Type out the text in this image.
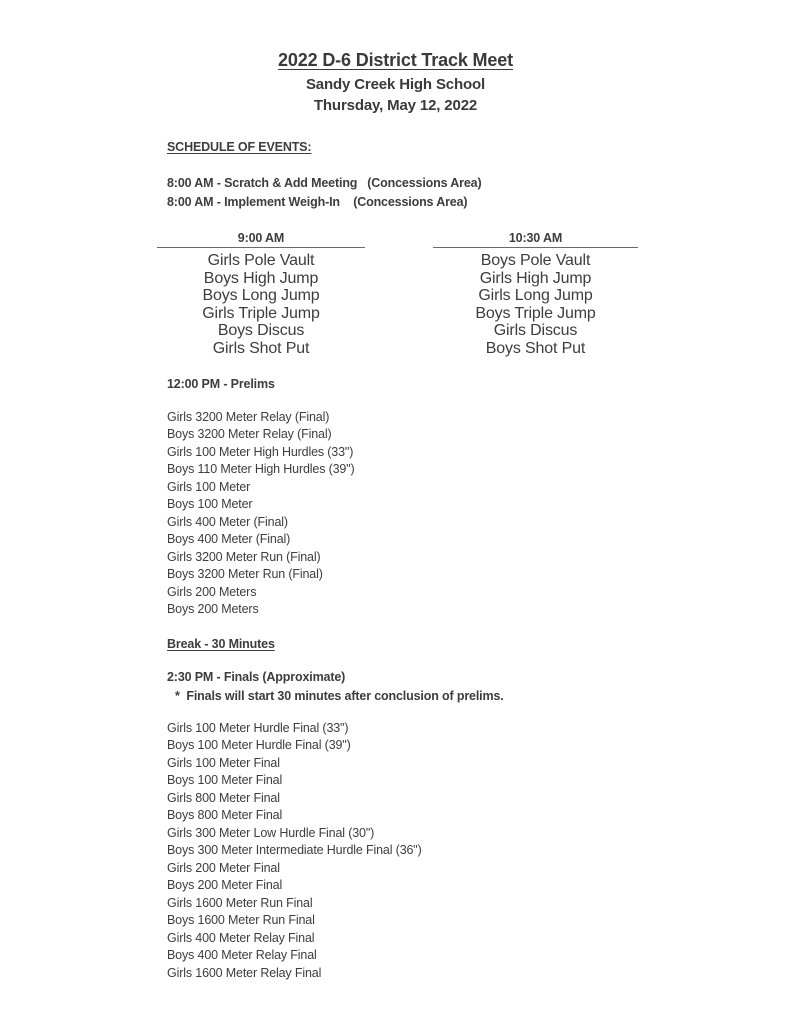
2022 D-6 District Track Meet
Sandy Creek High School
Thursday, May 12, 2022
SCHEDULE OF EVENTS:
8:00 AM - Scratch & Add Meeting   (Concessions Area)
8:00 AM - Implement Weigh-In    (Concessions Area)
9:00 AM
Girls Pole Vault
Boys High Jump
Boys Long Jump
Girls Triple Jump
Boys Discus
Girls Shot Put
10:30 AM
Boys Pole Vault
Girls High Jump
Girls Long Jump
Boys Triple Jump
Girls Discus
Boys Shot Put
12:00 PM - Prelims
Girls 3200 Meter Relay (Final)
Boys 3200 Meter Relay (Final)
Girls 100 Meter High Hurdles (33")
Boys 110 Meter High Hurdles (39")
Girls 100 Meter
Boys 100 Meter
Girls 400 Meter (Final)
Boys 400 Meter (Final)
Girls 3200 Meter Run (Final)
Boys 3200 Meter Run (Final)
Girls 200 Meters
Boys 200 Meters
Break - 30 Minutes
2:30 PM - Finals (Approximate)
*  Finals will start 30 minutes after conclusion of prelims.
Girls 100 Meter Hurdle Final (33")
Boys 100 Meter Hurdle Final (39")
Girls 100 Meter Final
Boys 100 Meter Final
Girls 800 Meter Final
Boys 800 Meter Final
Girls 300 Meter Low Hurdle Final (30")
Boys 300 Meter Intermediate Hurdle Final (36")
Girls 200 Meter Final
Boys 200 Meter Final
Girls 1600 Meter Run Final
Boys 1600 Meter Run Final
Girls 400 Meter Relay Final
Boys 400 Meter Relay Final
Girls 1600 Meter Relay Final
